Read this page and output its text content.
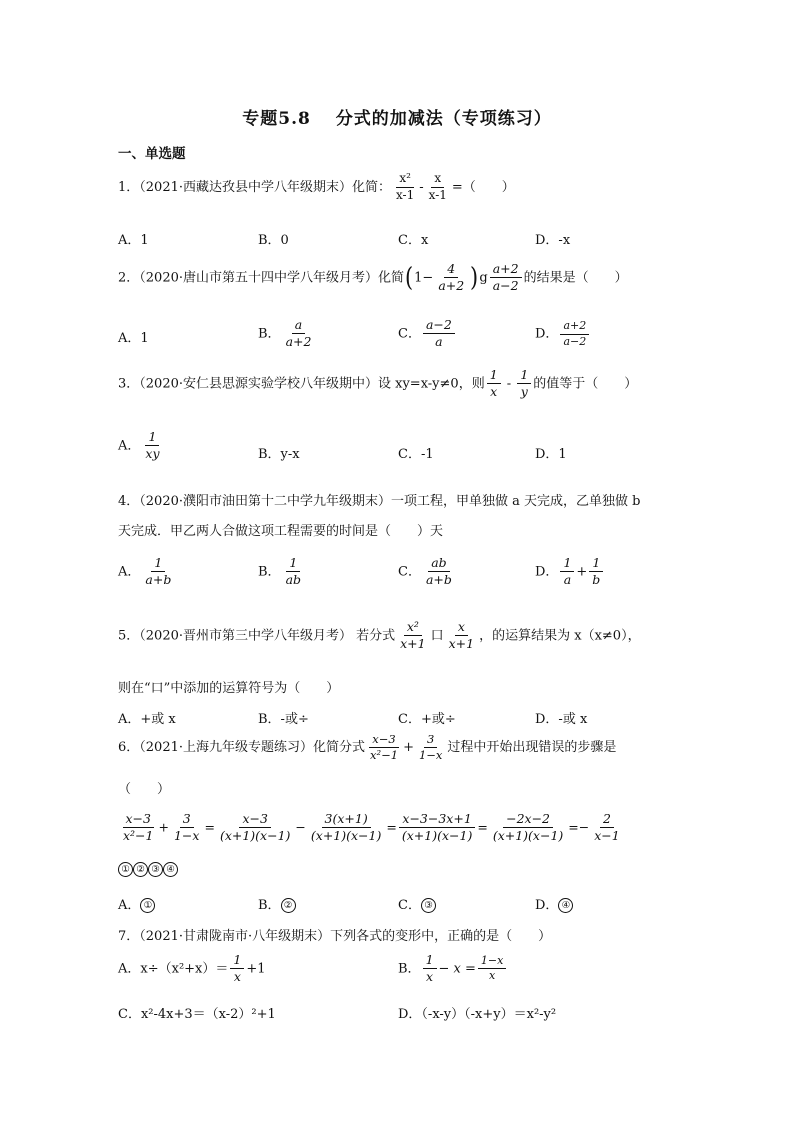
专题5.8　 分式的加减法（专项练习）
一、单选题
1．（2021·西藏达孜县中学八年级期末）化简： $\frac{\text{x²}}{x-1} - \frac{x}{x-1}$ =（　　）
A．1	B．0	C．x	D．-x
2．（2020·唐山市第五十四中学八年级月考）化简$(1- \frac{4}{a+2} )g \frac{a+2}{a-2}$ 的结果是（　　）
A．1	B． $\frac{a}{a+2}$	C． $\frac{a-2}{a}$	D． $\frac{a+2}{a-2}$
3．（2020·安仁县思源实验学校八年级期中）设 xy=x-y≠0，则 $\frac{1}{x} - \frac{1}{y}$ 的值等于（　　）
A． $\frac{1}{xy}$	B．y-x	C．-1	D．1
4．（2020·濮阳市油田第十二中学九年级期末）一项工程，甲单独做 a 天完成，乙单独做 b
天完成．甲乙两人合做这项工程需要的时间是（　　）天
A． $\frac{1}{a+b}$	B． $\frac{1}{ab}$	C． $\frac{ab}{a+b}$	D． $\frac{1}{a} + \frac{1}{b}$
5．（2020·晋州市第三中学八年级月考） 若分式 $\frac{\text{x²}}{x+1}$ 口 $\frac{x}{x+1}$ ，的运算结果为 x（x≠0），
则在“口”中添加的运算符号为（　　）
A．+或 x	B．-或÷	C．+或÷	D．-或 x
6．（2021·上海九年级专题练习）化简分式 $\frac{x-3}{\text{x²−1}} + \frac{3}{1-x}$ 过程中开始出现错误的步骤是
（　　）
$\frac{x-3}{\text{x²−1}} + \frac{3}{1-x} = \frac{x-3}{(x+1)(x-1)} - \frac{3(x+1)}{(x+1)(x-1)} = \frac{x-3-3x+1}{(x+1)(x-1)} = \frac{-2x-2}{(x+1)(x-1)} =- \frac{2}{x-1}$
① ② ③ ④
A． ①	B． ②	C． ③	D． ④
7．（2021·甘肃陇南市·八年级期末）下列各式的变形中，正确的是（　　）
A．$x\div(x^2+x)= \frac{1}{x} +1$	B． $\frac{1}{x} - x = \frac{1-x}{x}$
C．x²-4x+3＝（x-2）²+1	D．（-x-y）（-x+y）＝x²-y²
